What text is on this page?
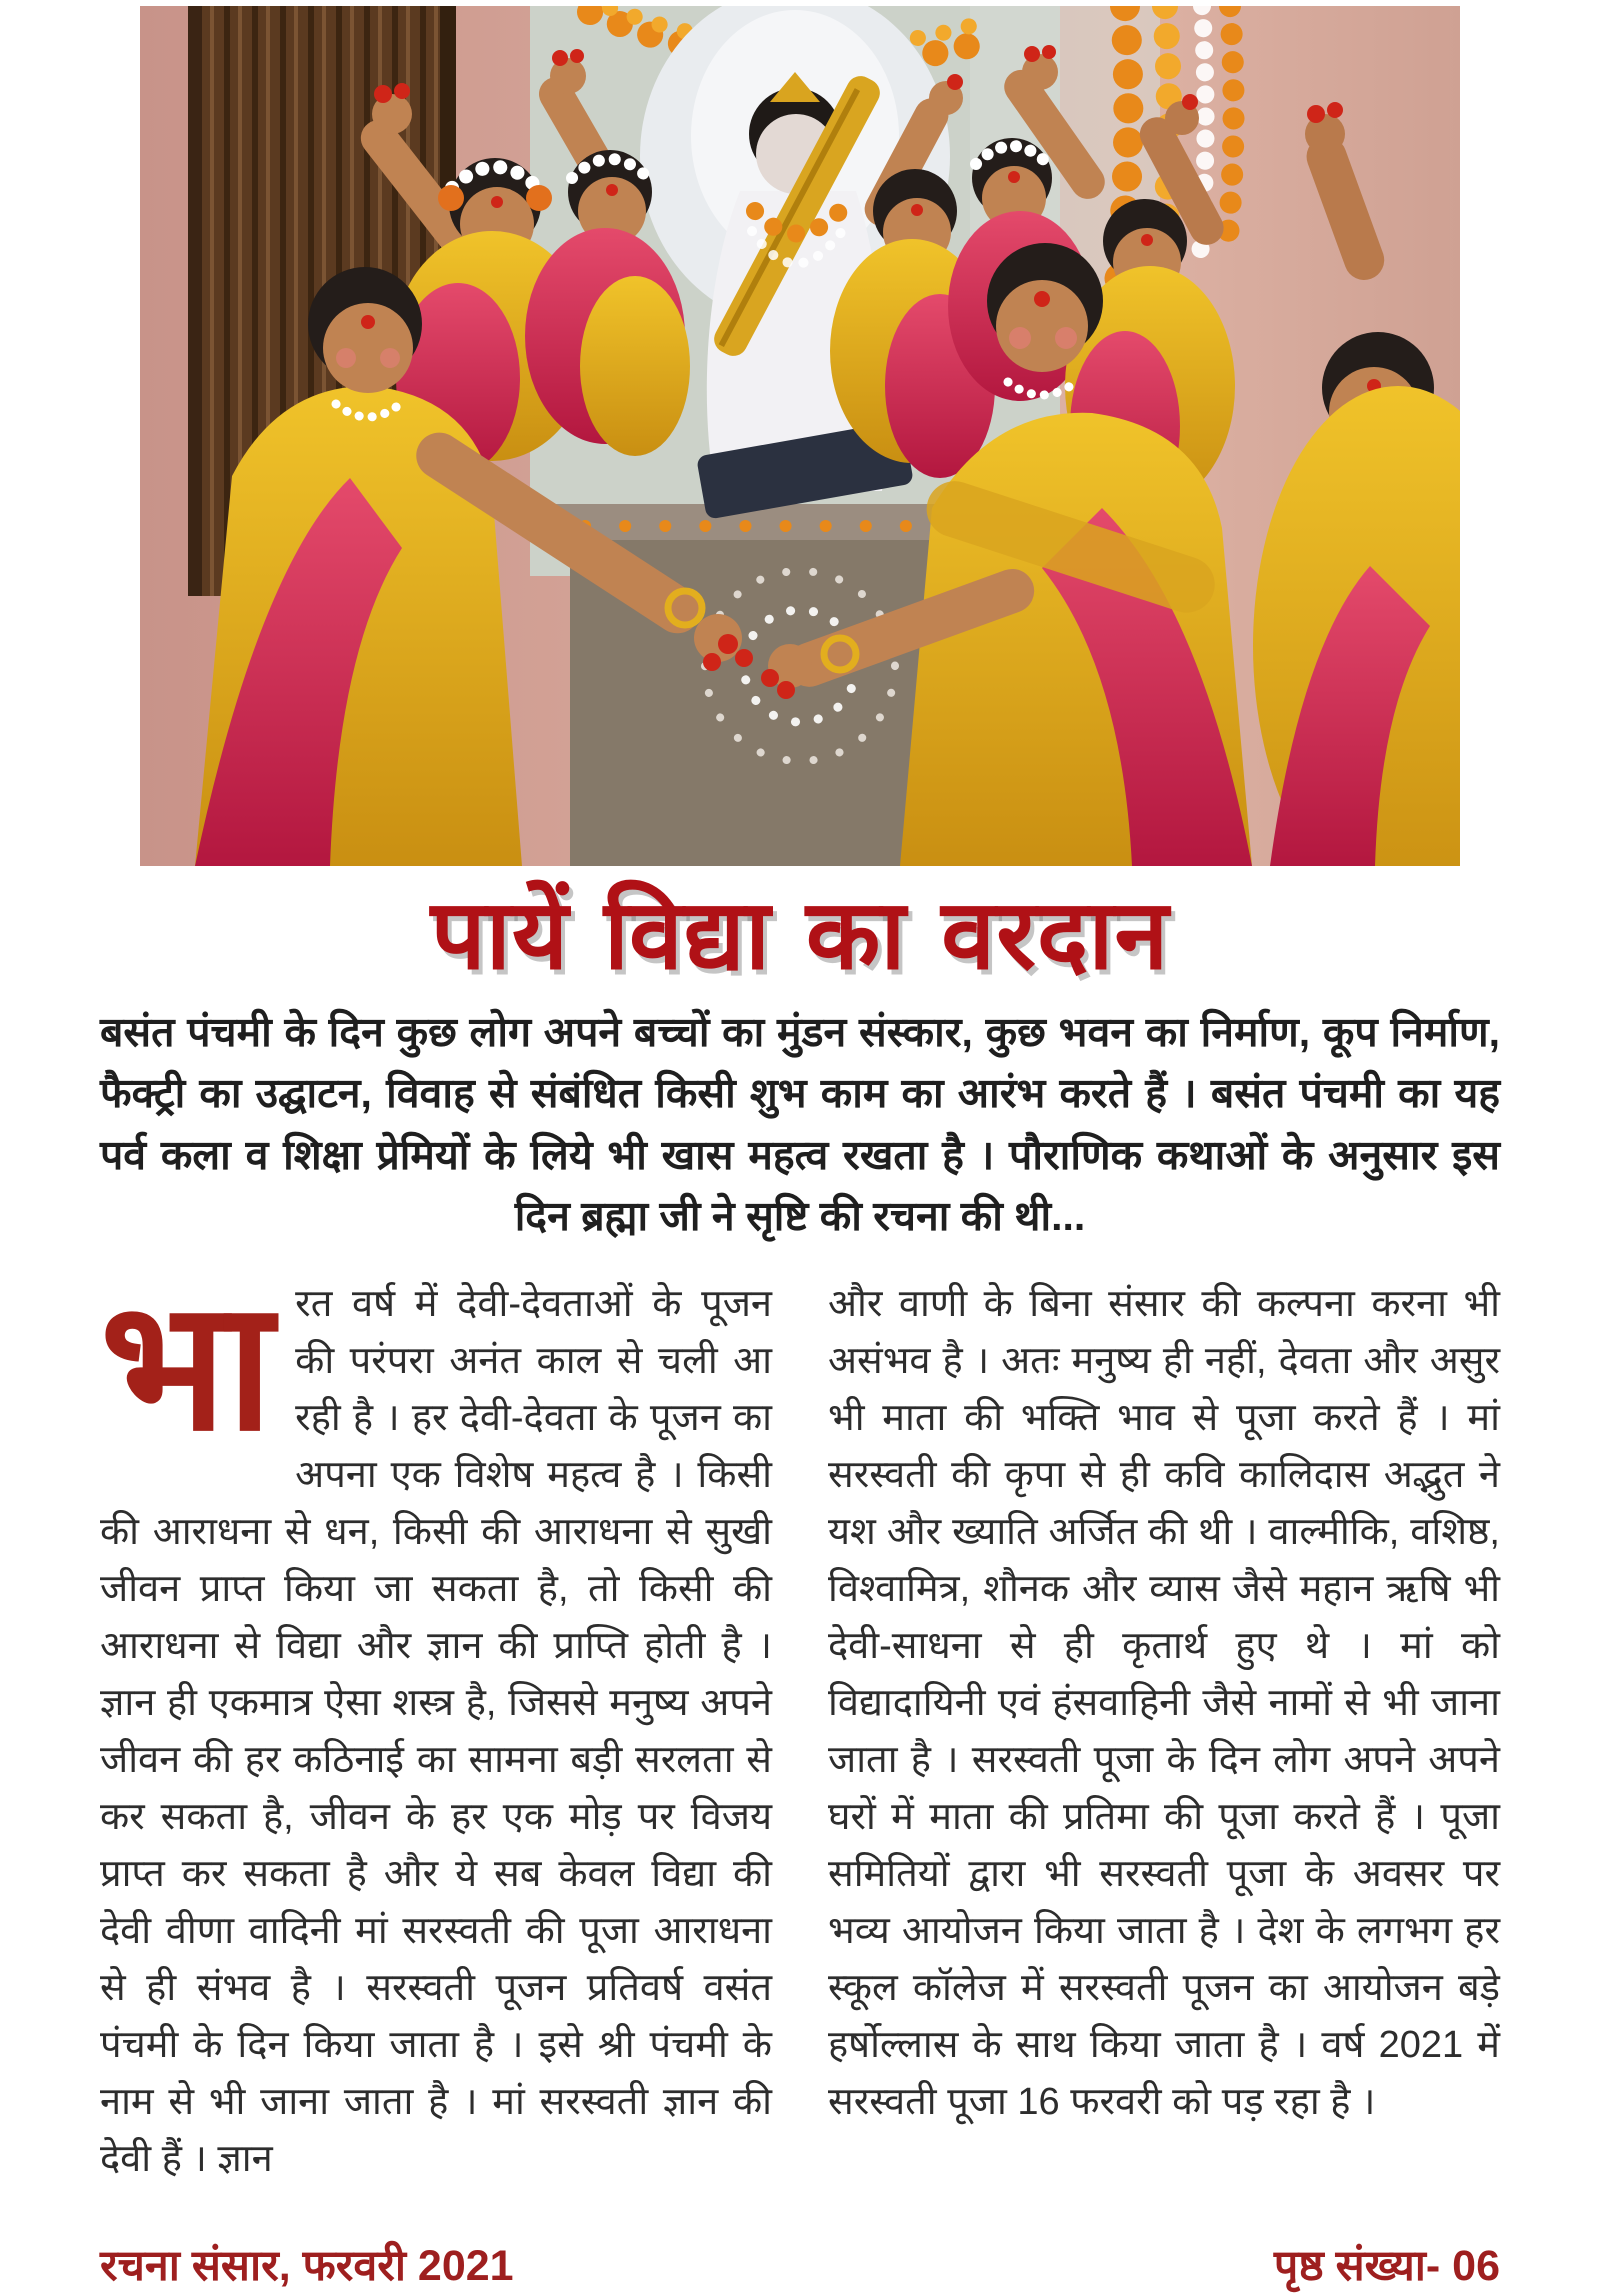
पायें विद्या का वरदान

बसंत पंचमी के दिन कुछ लोग अपने बच्चों का मुंडन संस्कार, कुछ भवन का निर्माण, कूप निर्माण, फैक्ट्री का उद्घाटन, विवाह से संबंधित किसी शुभ काम का आरंभ करते हैं । बसंत पंचमी का यह पर्व कला व शिक्षा प्रेमियों के लिये भी खास महत्व रखता है । पौराणिक कथाओं के अनुसार इस दिन ब्रह्मा जी ने सृष्टि की रचना की थी...

भारत वर्ष में देवी-देवताओं के पूजन की परंपरा अनंत काल से चली आ रही है । हर देवी-देवता के पूजन का अपना एक विशेष महत्व है । किसी की आराधना से धन, किसी की आराधना से सुखी जीवन प्राप्त किया जा सकता है, तो किसी की आराधना से विद्या और ज्ञान की प्राप्ति होती है । ज्ञान ही एकमात्र ऐसा शस्त्र है, जिससे मनुष्य अपने जीवन की हर कठिनाई का सामना बड़ी सरलता से कर सकता है, जीवन के हर एक मोड़ पर विजय प्राप्त कर सकता है और ये सब केवल विद्या की देवी वीणा वादिनी मां सरस्वती की पूजा आराधना से ही संभव है । सरस्वती पूजन प्रतिवर्ष वसंत पंचमी के दिन किया जाता है । इसे श्री पंचमी के नाम से भी जाना जाता है । मां सरस्वती ज्ञान की देवी हैं । ज्ञान
और वाणी के बिना संसार की कल्पना करना भी असंभव है । अतः मनुष्य ही नहीं, देवता और असुर भी माता की भक्ति भाव से पूजा करते हैं । मां सरस्वती की कृपा से ही कवि कालिदास अद्भुत ने यश और ख्याति अर्जित की थी । वाल्मीकि, वशिष्ठ, विश्वामित्र, शौनक और व्यास जैसे महान ऋषि भी देवी-साधना से ही कृतार्थ हुए थे । मां को विद्यादायिनी एवं हंसवाहिनी जैसे नामों से भी जाना जाता है । सरस्वती पूजा के दिन लोग अपने अपने घरों में माता की प्रतिमा की पूजा करते हैं । पूजा समितियों द्वारा भी सरस्वती पूजा के अवसर पर भव्य आयोजन किया जाता है । देश के लगभग हर स्कूल कॉलेज में सरस्वती पूजन का आयोजन बड़े हर्षोल्लास के साथ किया जाता है । वर्ष 2021 में सरस्वती पूजा 16 फरवरी को पड़ रहा है ।
रचना संसार, फरवरी 2021	पृष्ठ संख्या- 06
